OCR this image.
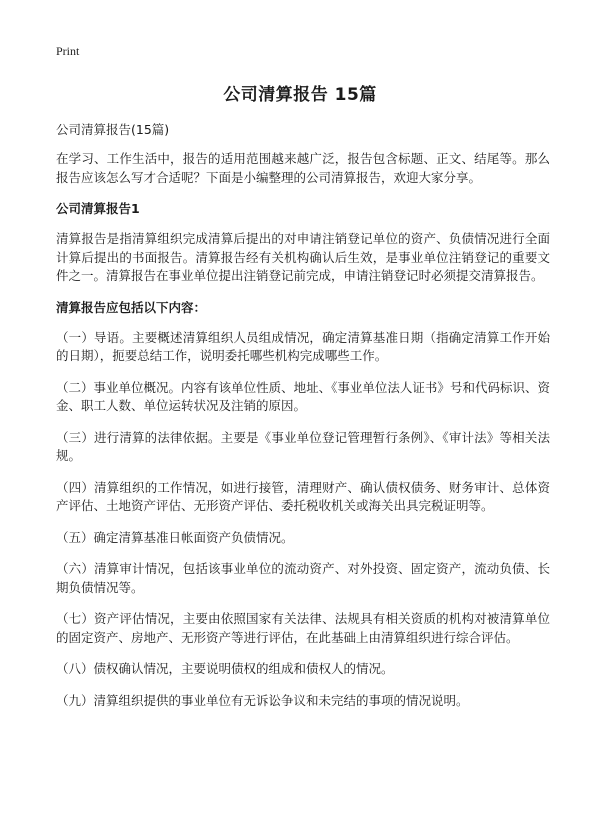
Print
公司清算报告 15篇
公司清算报告(15篇)

在学习、工作生活中，报告的适用范围越来越广泛，报告包含标题、正文、结尾等。那么报告应该怎么写才合适呢？下面是小编整理的公司清算报告，欢迎大家分享。

公司清算报告1

清算报告是指清算组织完成清算后提出的对申请注销登记单位的资产、负债情况进行全面计算后提出的书面报告。清算报告经有关机构确认后生效，是事业单位注销登记的重要文件之一。清算报告在事业单位提出注销登记前完成，申请注销登记时必须提交清算报告。

清算报告应包括以下内容：
（一）导语。主要概述清算组织人员组成情况，确定清算基准日期（指确定清算工作开始的日期），扼要总结工作，说明委托哪些机构完成哪些工作。
（二）事业单位概况。内容有该单位性质、地址、《事业单位法人证书》号和代码标识、资金、职工人数、单位运转状况及注销的原因。
（三）进行清算的法律依据。主要是《事业单位登记管理暂行条例》、《审计法》等相关法规。
（四）清算组织的工作情况，如进行接管，清理财产、确认债权债务、财务审计、总体资产评估、土地资产评估、无形资产评估、委托税收机关或海关出具完税证明等。
（五）确定清算基准日帐面资产负债情况。
（六）清算审计情况，包括该事业单位的流动资产、对外投资、固定资产，流动负债、长期负债情况等。
（七）资产评估情况，主要由依照国家有关法律、法规具有相关资质的机构对被清算单位的固定资产、房地产、无形资产等进行评估，在此基础上由清算组织进行综合评估。
（八）债权确认情况，主要说明债权的组成和债权人的情况。
（九）清算组织提供的事业单位有无诉讼争议和未完结的事项的情况说明。
